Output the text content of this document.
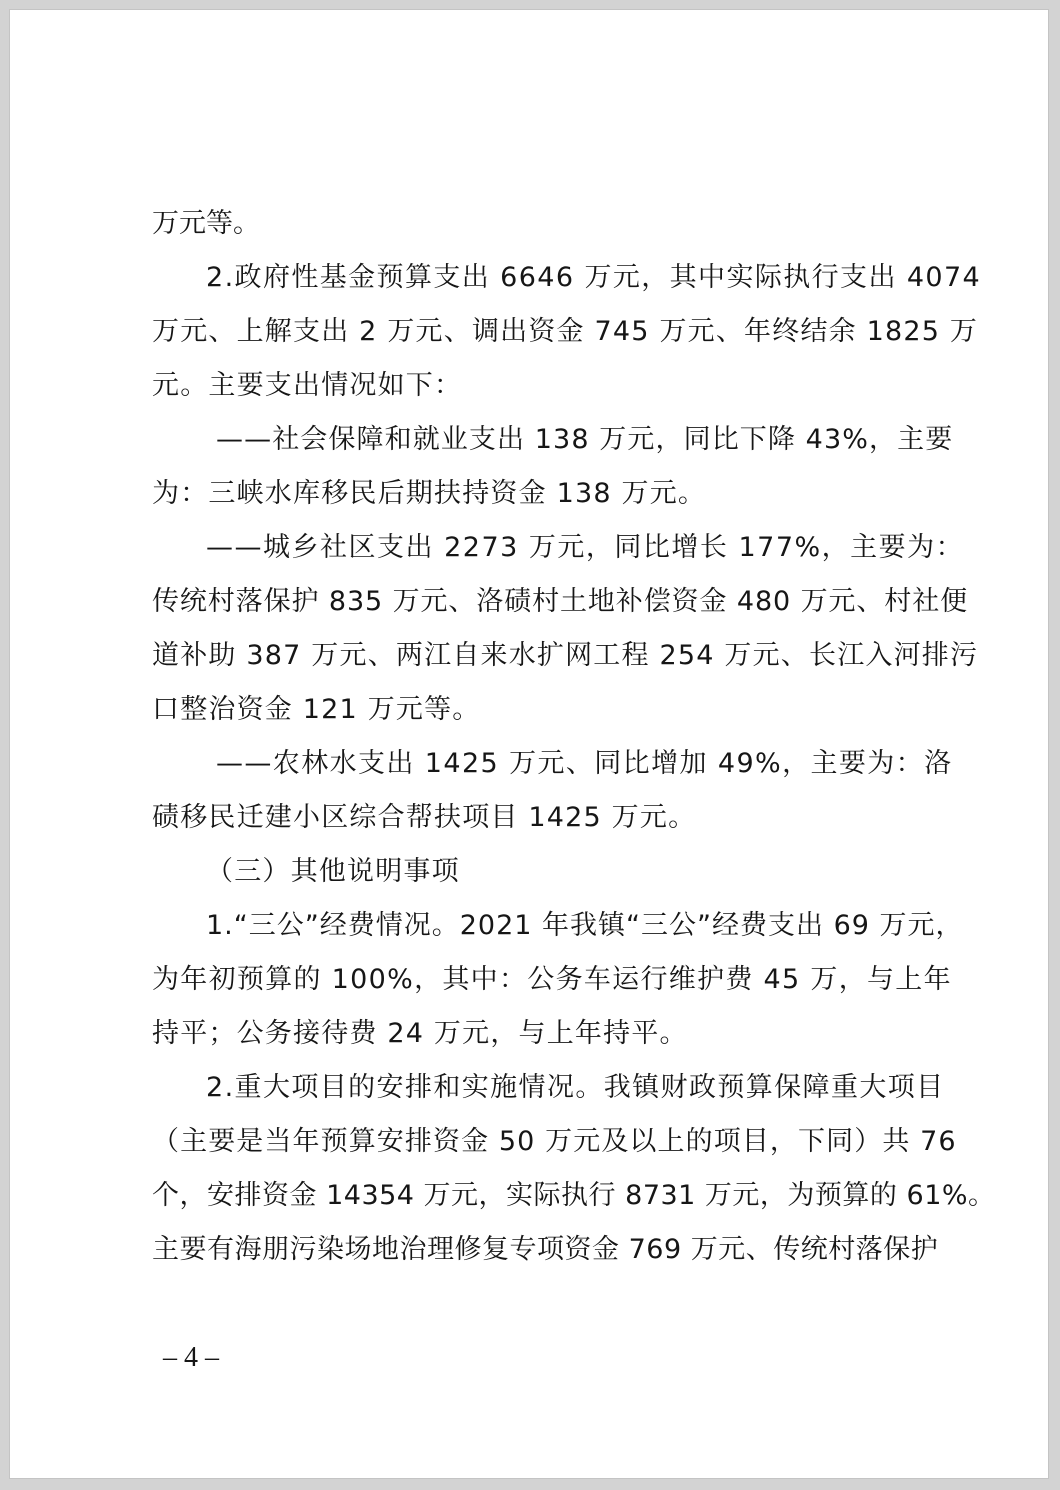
万元等。
2.政府性基金预算支出 6646 万元，其中实际执行支出 4074
万元、上解支出 2 万元、调出资金 745 万元、年终结余 1825 万
元。主要支出情况如下：
——社会保障和就业支出 138 万元，同比下降 43%，主要
为：三峡水库移民后期扶持资金 138 万元。
——城乡社区支出 2273 万元，同比增长 177%，主要为：
传统村落保护 835 万元、洛碛村土地补偿资金 480 万元、村社便
道补助 387 万元、两江自来水扩网工程 254 万元、长江入河排污
口整治资金 121 万元等。
——农林水支出 1425 万元、同比增加 49%，主要为：洛
碛移民迁建小区综合帮扶项目 1425 万元。
（三）其他说明事项
1.“三公”经费情况。2021 年我镇“三公”经费支出 69 万元，
为年初预算的 100%，其中：公务车运行维护费 45 万，与上年
持平；公务接待费 24 万元，与上年持平。
2.重大项目的安排和实施情况。我镇财政预算保障重大项目
（主要是当年预算安排资金 50 万元及以上的项目，下同）共 76
个，安排资金 14354 万元，实际执行 8731 万元，为预算的 61%。
主要有海朋污染场地治理修复专项资金 769 万元、传统村落保护
– 4 –
